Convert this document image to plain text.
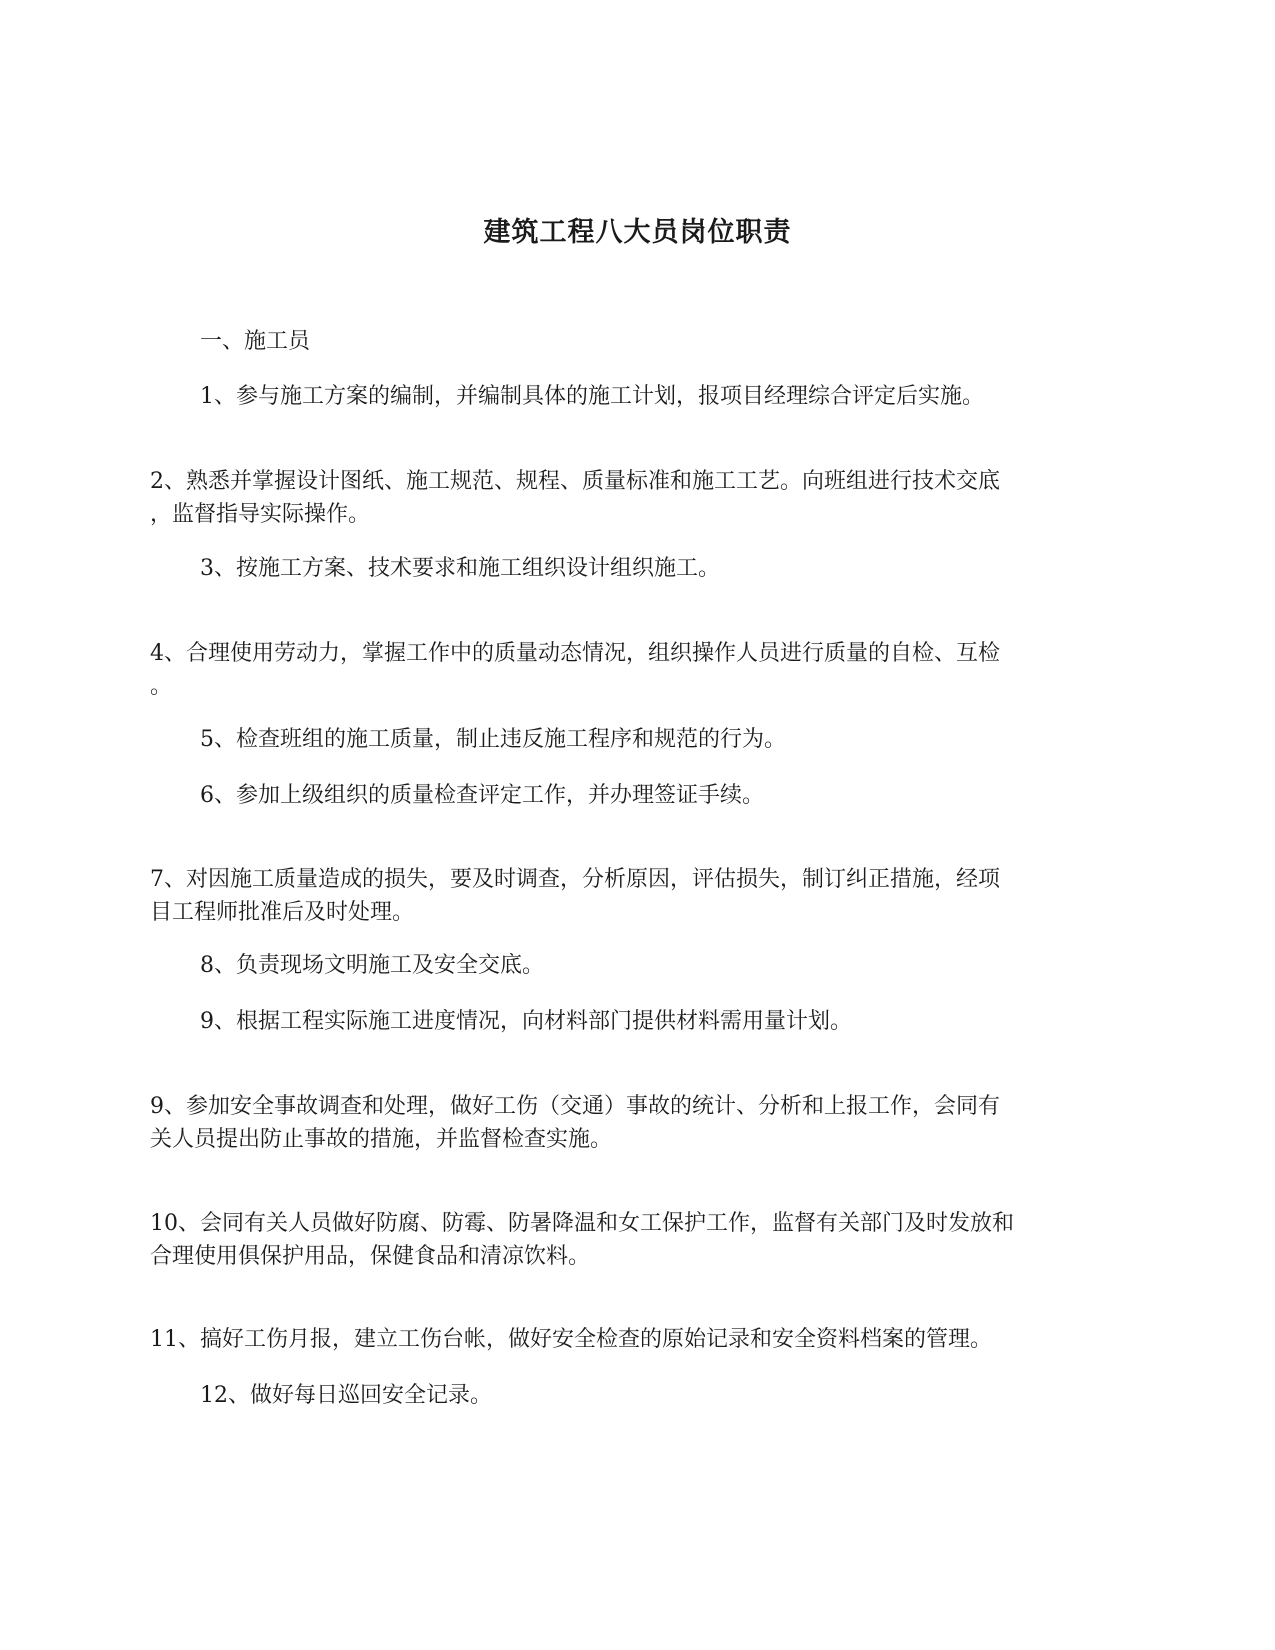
建筑工程八大员岗位职责

一、施工员

1、参与施工方案的编制，并编制具体的施工计划，报项目经理综合评定后实施。

2、熟悉并掌握设计图纸、施工规范、规程、质量标准和施工工艺。向班组进行技术交底
，监督指导实际操作。

3、按施工方案、技术要求和施工组织设计组织施工。

4、合理使用劳动力，掌握工作中的质量动态情况，组织操作人员进行质量的自检、互检
。

5、检查班组的施工质量，制止违反施工程序和规范的行为。

6、参加上级组织的质量检查评定工作，并办理签证手续。

7、对因施工质量造成的损失，要及时调查，分析原因，评估损失，制订纠正措施，经项
目工程师批准后及时处理。

8、负责现场文明施工及安全交底。

9、根据工程实际施工进度情况，向材料部门提供材料需用量计划。

9、参加安全事故调查和处理，做好工伤（交通）事故的统计、分析和上报工作，会同有
关人员提出防止事故的措施，并监督检查实施。

10、会同有关人员做好防腐、防霉、防暑降温和女工保护工作，监督有关部门及时发放和
合理使用俱保护用品，保健食品和清凉饮料。

11、搞好工伤月报，建立工伤台帐，做好安全检查的原始记录和安全资料档案的管理。

12、做好每日巡回安全记录。
